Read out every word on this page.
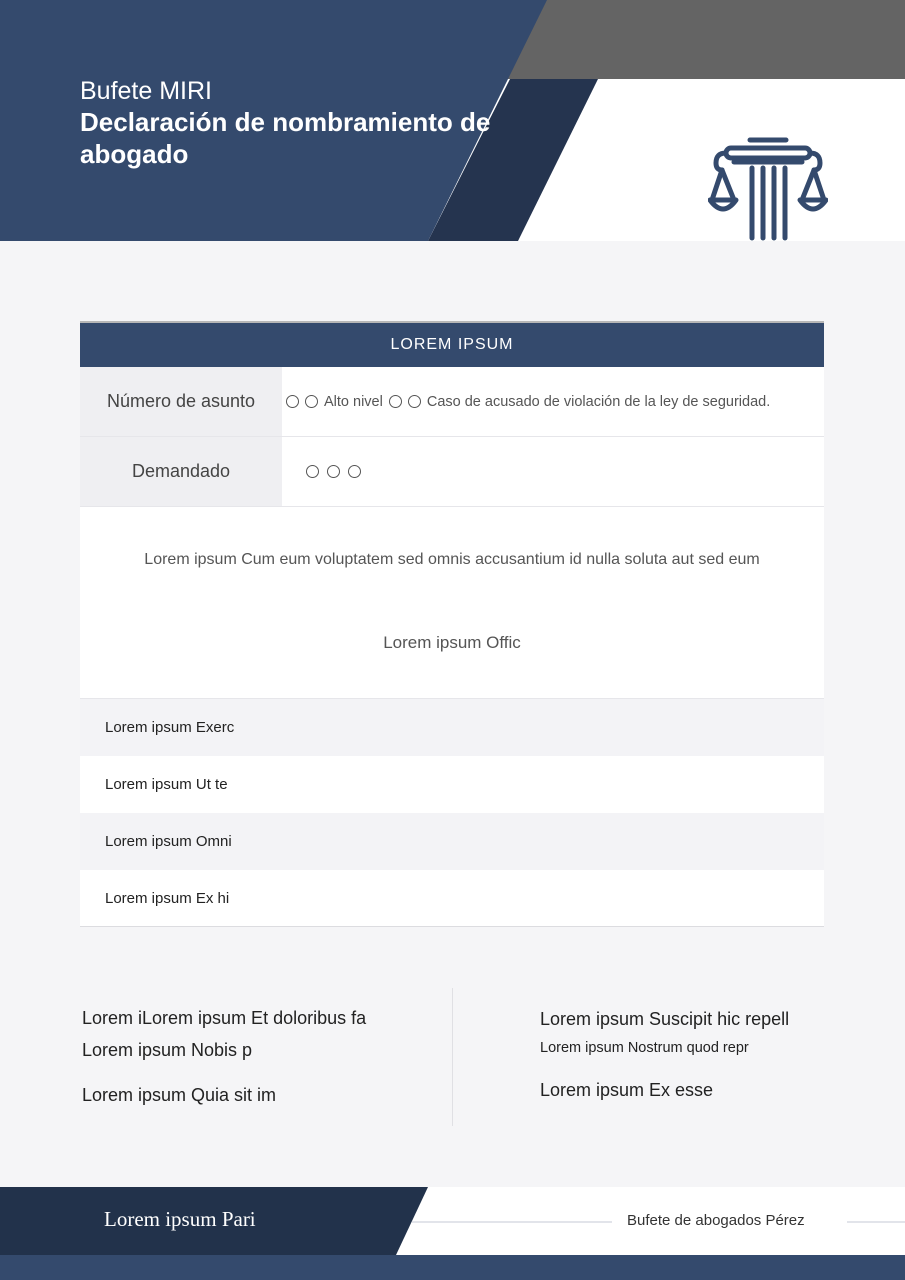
Bufete MIRI
Declaración de nombramiento de abogado
LOREM IPSUM
Número de asunto	Alto nivel	Caso de acusado de violación de la ley de seguridad.
Demandado
Lorem ipsum Cum eum voluptatem sed omnis accusantium id nulla soluta aut sed eum
Lorem ipsum Offic
Lorem ipsum Exerc
Lorem ipsum Ut te
Lorem ipsum Omni
Lorem ipsum Ex hi
Lorem iLorem ipsum Et doloribus fa
Lorem ipsum Nobis p
Lorem ipsum Quia sit im
Lorem ipsum Suscipit hic repell
Lorem ipsum Nostrum quod repr
Lorem ipsum Ex esse
Lorem ipsum Pari	Bufete de abogados Pérez
